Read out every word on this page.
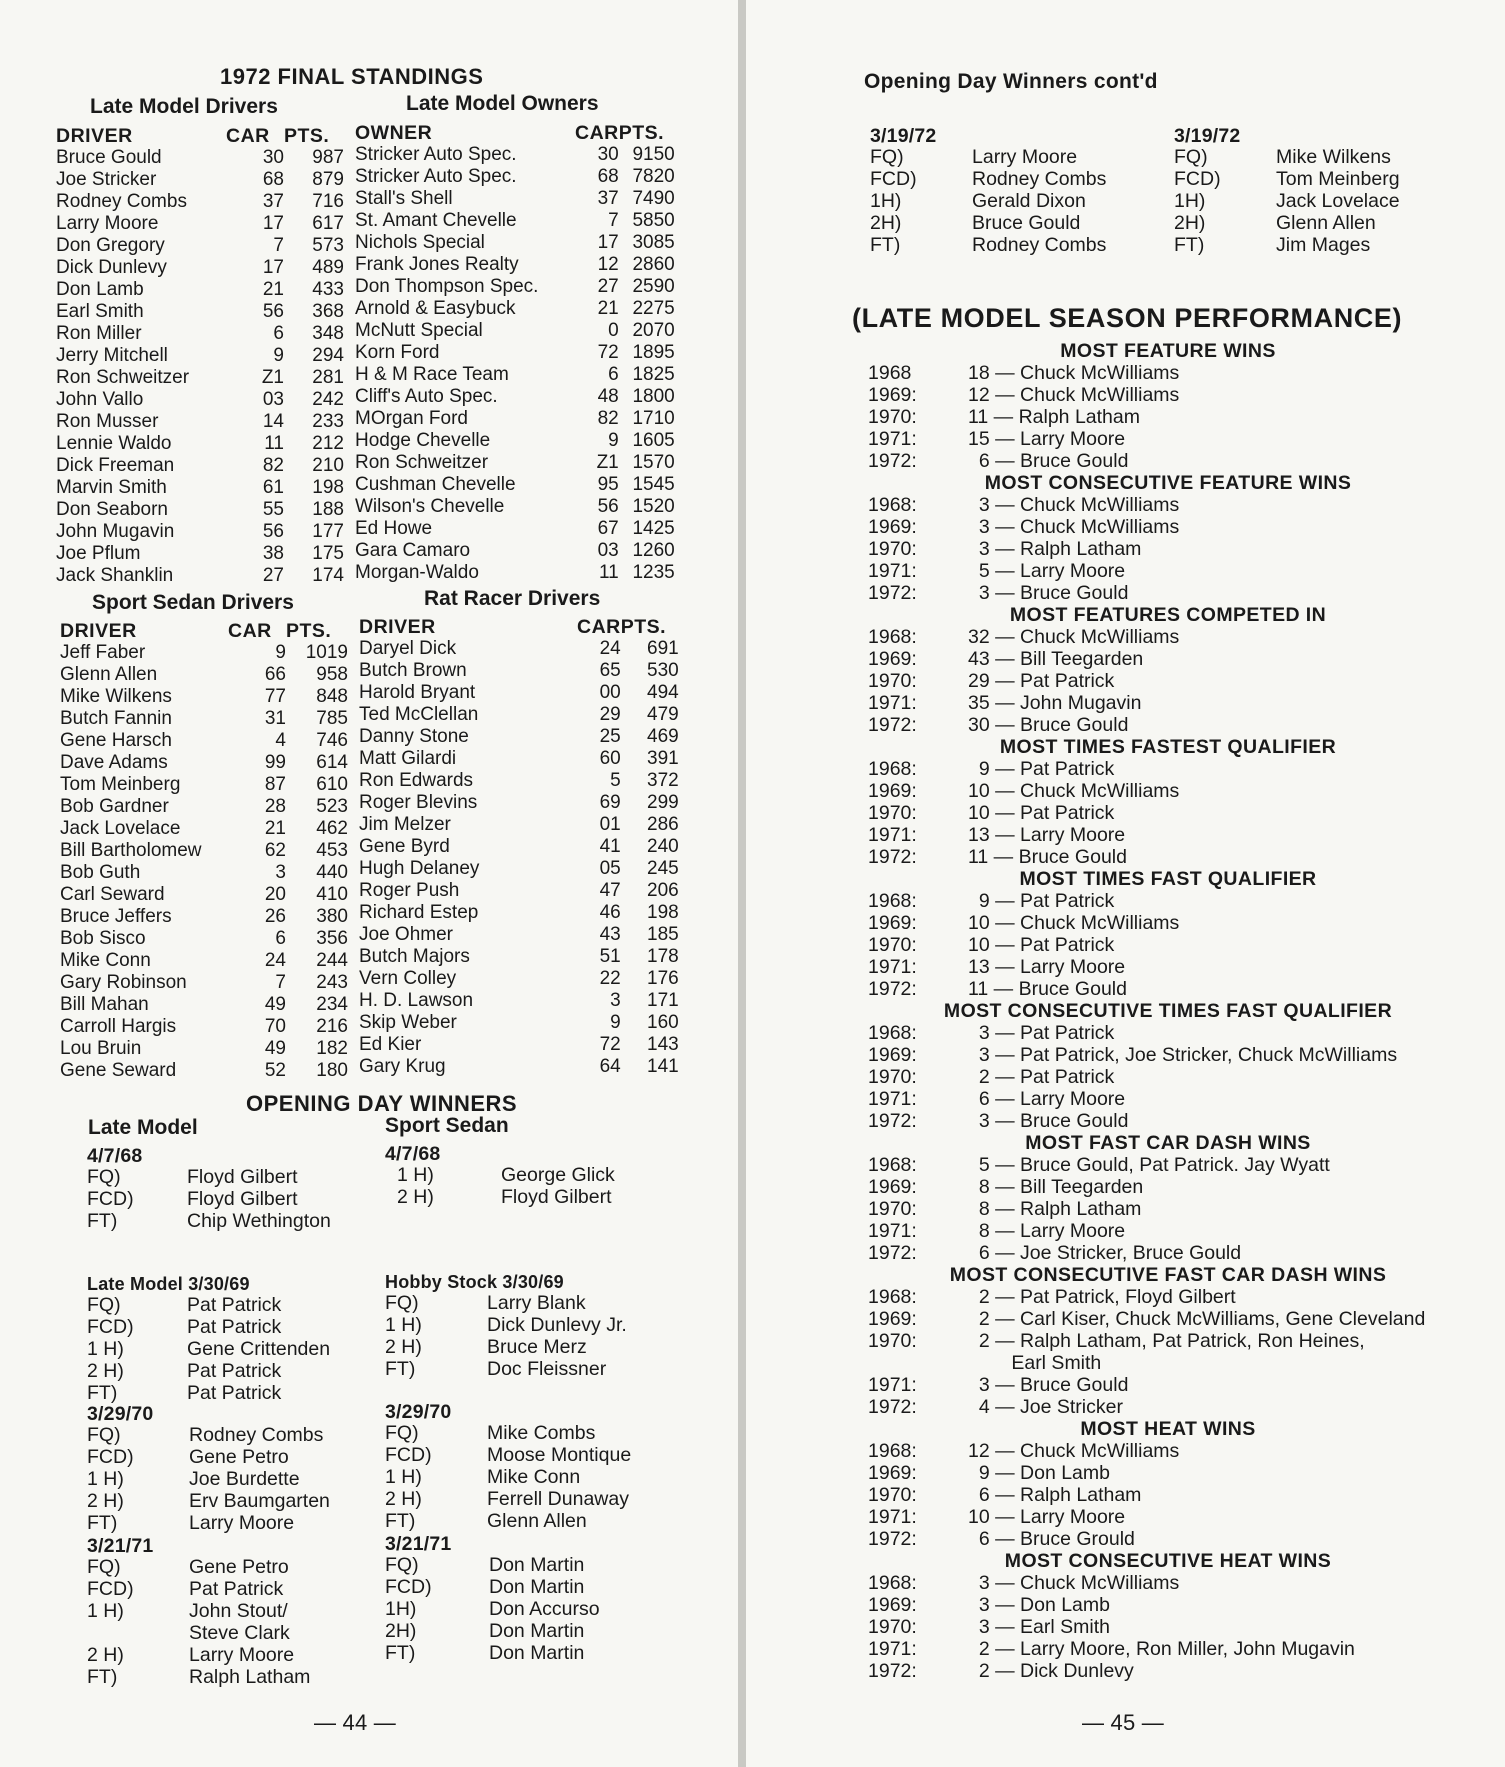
1972 FINAL STANDINGS
Late Model Drivers	Late Model Owners
DRIVER	CAR	PTS.
Bruce Gould	30	987
Joe Stricker	68	879
Rodney Combs	37	716
Larry Moore	17	617
Don Gregory	7	573
Dick Dunlevy	17	489
Don Lamb	21	433
Earl Smith	56	368
Ron Miller	6	348
Jerry Mitchell	9	294
Ron Schweitzer	Z1	281
John Vallo	03	242
Ron Musser	14	233
Lennie Waldo	11	212
Dick Freeman	82	210
Marvin Smith	61	198
Don Seaborn	55	188
John Mugavin	56	177
Joe Pflum	38	175
Jack Shanklin	27	174
OWNER	CAR	PTS.
Stricker Auto Spec.	30	9150
Stricker Auto Spec.	68	7820
Stall's Shell	37	7490
St. Amant Chevelle	7	5850
Nichols Special	17	3085
Frank Jones Realty	12	2860
Don Thompson Spec.	27	2590
Arnold & Easybuck	21	2275
McNutt Special	0	2070
Korn Ford	72	1895
H & M Race Team	6	1825
Cliff's Auto Spec.	48	1800
MOrgan Ford	82	1710
Hodge Chevelle	9	1605
Ron Schweitzer	Z1	1570
Cushman Chevelle	95	1545
Wilson's Chevelle	56	1520
Ed Howe	67	1425
Gara Camaro	03	1260
Morgan-Waldo	11	1235
Sport Sedan Drivers	Rat Racer Drivers
DRIVER	CAR	PTS.
Jeff Faber	9	1019
Glenn Allen	66	958
Mike Wilkens	77	848
Butch Fannin	31	785
Gene Harsch	4	746
Dave Adams	99	614
Tom Meinberg	87	610
Bob Gardner	28	523
Jack Lovelace	21	462
Bill Bartholomew	62	453
Bob Guth	3	440
Carl Seward	20	410
Bruce Jeffers	26	380
Bob Sisco	6	356
Mike Conn	24	244
Gary Robinson	7	243
Bill Mahan	49	234
Carroll Hargis	70	216
Lou Bruin	49	182
Gene Seward	52	180
DRIVER	CAR	PTS.
Daryel Dick	24	691
Butch Brown	65	530
Harold Bryant	00	494
Ted McClellan	29	479
Danny Stone	25	469
Matt Gilardi	60	391
Ron Edwards	5	372
Roger Blevins	69	299
Jim Melzer	01	286
Gene Byrd	41	240
Hugh Delaney	05	245
Roger Push	47	206
Richard Estep	46	198
Joe Ohmer	43	185
Butch Majors	51	178
Vern Colley	22	176
H. D. Lawson	3	171
Skip Weber	9	160
Ed Kier	72	143
Gary Krug	64	141
OPENING DAY WINNERS
Late Model	Sport Sedan
4/7/68
FQ)	Floyd Gilbert
FCD)	Floyd Gilbert
FT)	Chip Wethington
4/7/68
1 H)	George Glick
2 H)	Floyd Gilbert
Late Model 3/30/69
FQ)	Pat Patrick
FCD)	Pat Patrick
1 H)	Gene Crittenden
2 H)	Pat Patrick
FT)	Pat Patrick
Hobby Stock 3/30/69
FQ)	Larry Blank
1 H)	Dick Dunlevy Jr.
2 H)	Bruce Merz
FT)	Doc Fleissner
3/29/70
FQ)	Rodney Combs
FCD)	Gene Petro
1 H)	Joe Burdette
2 H)	Erv Baumgarten
FT)	Larry Moore
3/29/70
FQ)	Mike Combs
FCD)	Moose Montique
1 H)	Mike Conn
2 H)	Ferrell Dunaway
FT)	Glenn Allen
3/21/71
FQ)	Gene Petro
FCD)	Pat Patrick
1 H)	John Stout/
Steve Clark
2 H)	Larry Moore
FT)	Ralph Latham
3/21/71
FQ)	Don Martin
FCD)	Don Martin
1H)	Don Accurso
2H)	Don Martin
FT)	Don Martin
— 44 —
Opening Day Winners cont'd
3/19/72
FQ)	Larry Moore
FCD)	Rodney Combs
1H)	Gerald Dixon
2H)	Bruce Gould
FT)	Rodney Combs
3/19/72
FQ)	Mike Wilkens
FCD)	Tom Meinberg
1H)	Jack Lovelace
2H)	Glenn Allen
FT)	Jim Mages
(LATE MODEL SEASON PERFORMANCE)
MOST FEATURE WINS
1968	18 — Chuck McWilliams
1969:	12 — Chuck McWilliams
1970:	11 — Ralph Latham
1971:	15 — Larry Moore
1972:	6 — Bruce Gould
MOST CONSECUTIVE FEATURE WINS
1968:	3 — Chuck McWilliams
1969:	3 — Chuck McWilliams
1970:	3 — Ralph Latham
1971:	5 — Larry Moore
1972:	3 — Bruce Gould
MOST FEATURES COMPETED IN
1968:	32 — Chuck McWilliams
1969:	43 — Bill Teegarden
1970:	29 — Pat Patrick
1971:	35 — John Mugavin
1972:	30 — Bruce Gould
MOST TIMES FASTEST QUALIFIER
1968:	9 — Pat Patrick
1969:	10 — Chuck McWilliams
1970:	10 — Pat Patrick
1971:	13 — Larry Moore
1972:	11 — Bruce Gould
MOST TIMES FAST QUALIFIER
1968:	9 — Pat Patrick
1969:	10 — Chuck McWilliams
1970:	10 — Pat Patrick
1971:	13 — Larry Moore
1972:	11 — Bruce Gould
MOST CONSECUTIVE TIMES FAST QUALIFIER
1968:	3 — Pat Patrick
1969:	3 — Pat Patrick, Joe Stricker, Chuck McWilliams
1970:	2 — Pat Patrick
1971:	6 — Larry Moore
1972:	3 — Bruce Gould
MOST FAST CAR DASH WINS
1968:	5 — Bruce Gould, Pat Patrick. Jay Wyatt
1969:	8 — Bill Teegarden
1970:	8 — Ralph Latham
1971:	8 — Larry Moore
1972:	6 — Joe Stricker, Bruce Gould
MOST CONSECUTIVE FAST CAR DASH WINS
1968:	2 — Pat Patrick, Floyd Gilbert
1969:	2 — Carl Kiser, Chuck McWilliams, Gene Cleveland
1970:	2 — Ralph Latham, Pat Patrick, Ron Heines,
Earl Smith
1971:	3 — Bruce Gould
1972:	4 — Joe Stricker
MOST HEAT WINS
1968:	12 — Chuck McWilliams
1969:	9 — Don Lamb
1970:	6 — Ralph Latham
1971:	10 — Larry Moore
1972:	6 — Bruce Grould
MOST CONSECUTIVE HEAT WINS
1968:	3 — Chuck McWilliams
1969:	3 — Don Lamb
1970:	3 — Earl Smith
1971:	2 — Larry Moore, Ron Miller, John Mugavin
1972:	2 — Dick Dunlevy
— 45 —
